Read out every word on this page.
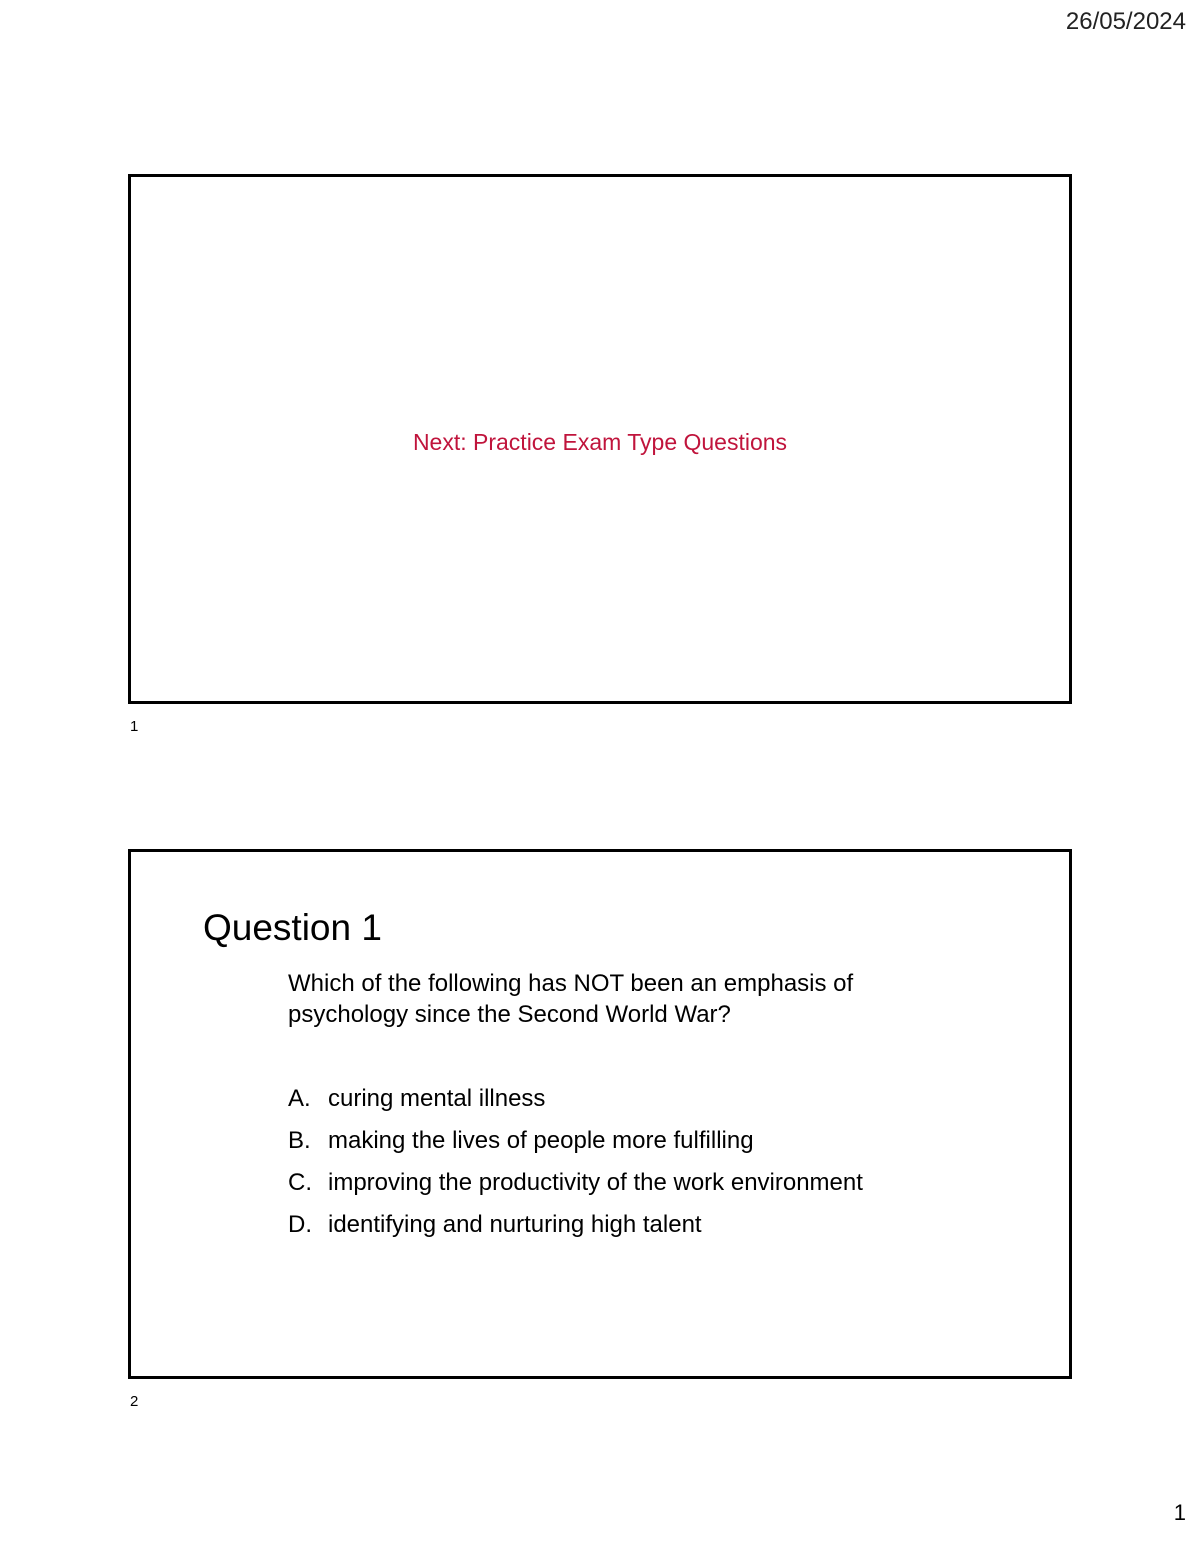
26/05/2024
Next: Practice Exam Type Questions
1
Question 1
Which of the following has NOT been an emphasis of psychology since the Second World War?
A. curing mental illness
B. making the lives of people more fulfilling
C. improving the productivity of the work environment
D. identifying and nurturing high talent
2
1
